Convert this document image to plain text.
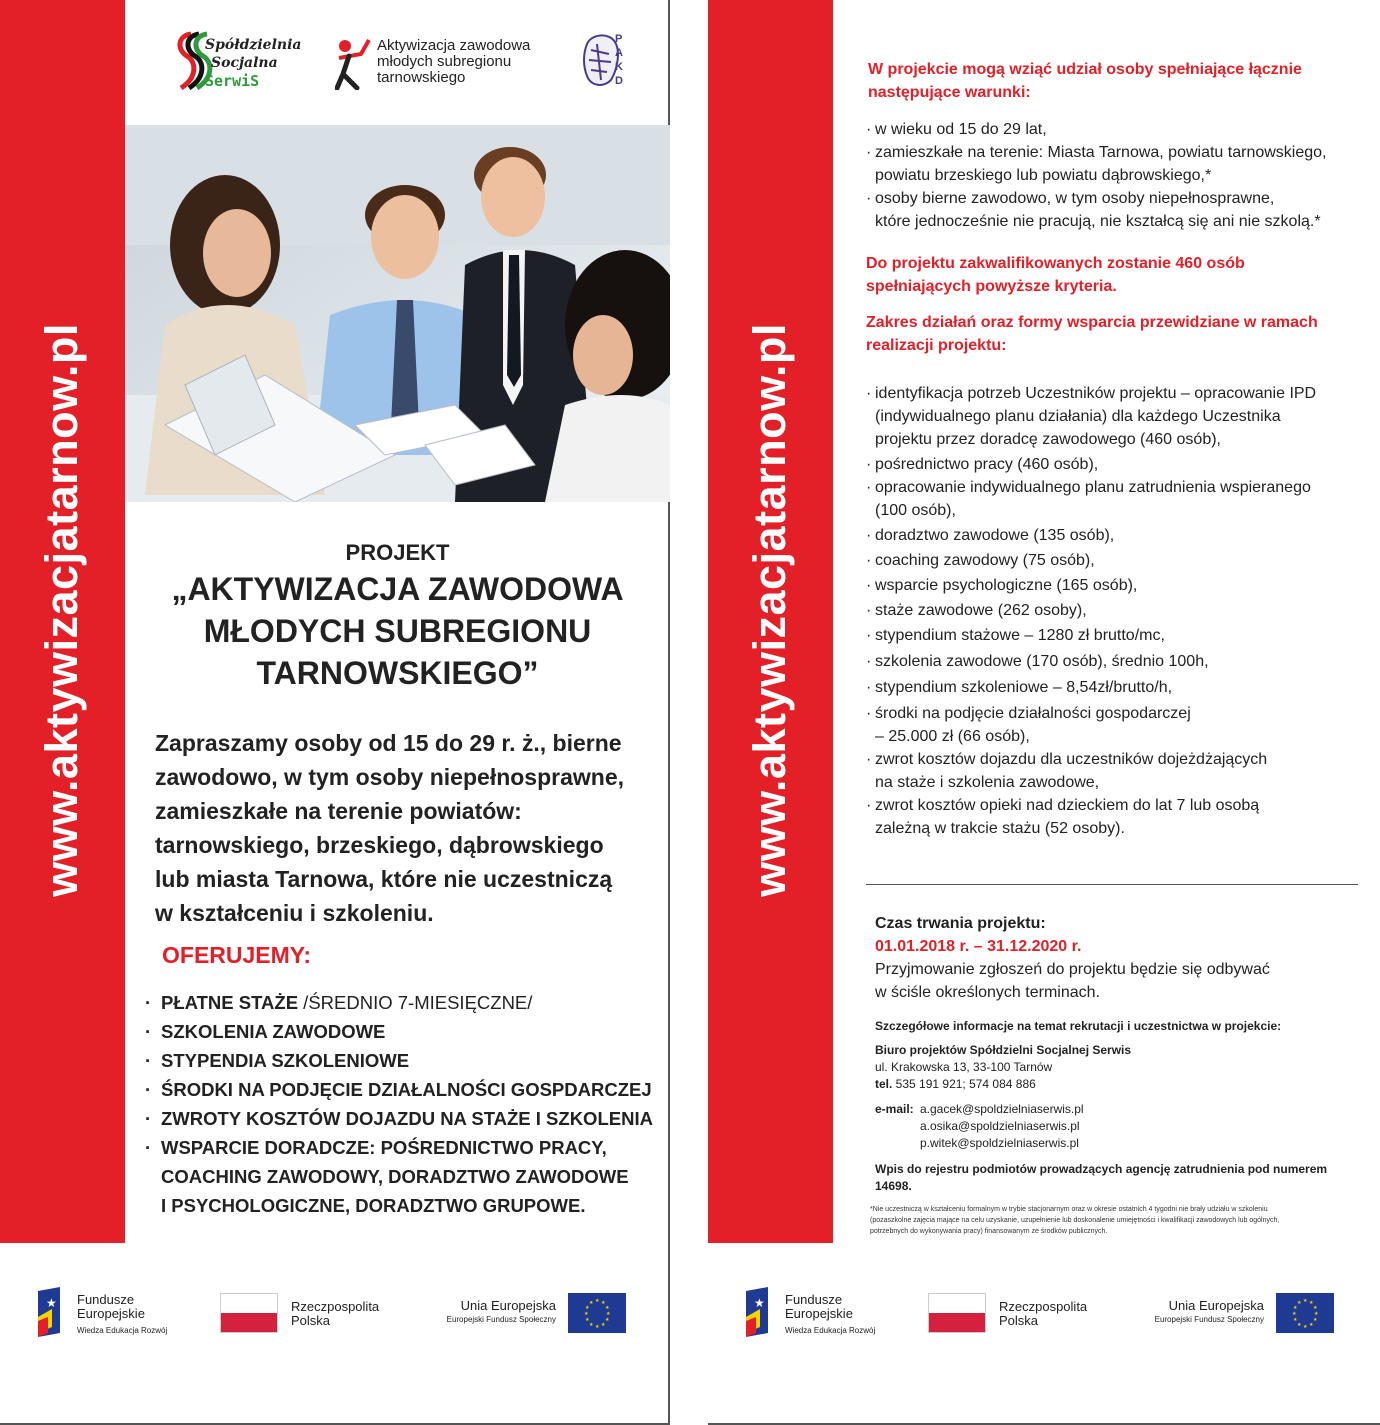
www.aktywizacjatarnow.pl
Spółdzielnia
Socjalna
SerwiS
Aktywizacja zawodowa
młodych subregionu
tarnowskiego
P
A
K
D
PROJEKT
„AKTYWIZACJA ZAWODOWA
MŁODYCH SUBREGIONU
TARNOWSKIEGO”
Zapraszamy osoby od 15 do 29 r. ż., bierne
zawodowo, w tym osoby niepełnosprawne,
zamieszkałe na terenie powiatów:
tarnowskiego, brzeskiego, dąbrowskiego
lub miasta Tarnowa, które nie uczestniczą
w kształceniu i szkoleniu.
OFERUJEMY:
· PŁATNE STAŻE /ŚREDNIO 7-MIESIĘCZNE/
· SZKOLENIA ZAWODOWE
· STYPENDIA SZKOLENIOWE
· ŚRODKI NA PODJĘCIE DZIAŁALNOŚCI GOSPDARCZEJ
· ZWROTY KOSZTÓW DOJAZDU NA STAŻE I SZKOLENIA
· WSPARCIE DORADCZE: POŚREDNICTWO PRACY,
COACHING ZAWODOWY, DORADZTWO ZAWODOWE
I PSYCHOLOGICZNE, DORADZTWO GRUPOWE.
★ Fundusze
Europejskie
Wiedza Edukacja Rozwój
Rzeczpospolita
Polska
Unia Europejska
Europejski Fundusz Społeczny
★ ★
★
★
★
★
★
★
★
★
★
★
www.aktywizacjatarnow.pl
W projekcie mogą wziąć udział osoby spełniające łącznie
następujące warunki:
· w wieku od 15 do 29 lat,
· zamieszkałe na terenie: Miasta Tarnowa, powiatu tarnowskiego,
powiatu brzeskiego lub powiatu dąbrowskiego,*
· osoby bierne zawodowo, w tym osoby niepełnosprawne,
które jednocześnie nie pracują, nie kształcą się ani nie szkolą.*
Do projektu zakwalifikowanych zostanie 460 osób
spełniających powyższe kryteria.
Zakres działań oraz formy wsparcia przewidziane w ramach
realizacji projektu:
· identyfikacja potrzeb Uczestników projektu – opracowanie IPD
(indywidualnego planu działania) dla każdego Uczestnika
projektu przez doradcę zawodowego (460 osób),
· pośrednictwo pracy (460 osób),
· opracowanie indywidualnego planu zatrudnienia wspieranego
(100 osób),
· doradztwo zawodowe (135 osób),
· coaching zawodowy (75 osób),
· wsparcie psychologiczne (165 osób),
· staże zawodowe (262 osoby),
· stypendium stażowe – 1280 zł brutto/mc,
· szkolenia zawodowe (170 osób), średnio 100h,
· stypendium szkoleniowe – 8,54zł/brutto/h,
· środki na podjęcie działalności gospodarczej
– 25.000 zł (66 osób),
· zwrot kosztów dojazdu dla uczestników dojeżdżających
na staże i szkolenia zawodowe,
· zwrot kosztów opieki nad dzieckiem do lat 7 lub osobą
zależną w trakcie stażu (52 osoby).
Czas trwania projektu:
01.01.2018 r. – 31.12.2020 r.
Przyjmowanie zgłoszeń do projektu będzie się odbywać
w ściśle określonych terminach.
Szczegółowe informacje na temat rekrutacji i uczestnictwa w projekcie:
Biuro projektów Spółdzielni Socjalnej Serwis
ul. Krakowska 13, 33-100 Tarnów
tel. 535 191 921; 574 084 886
e-mail: a.gacek@spoldzielniaserwis.pl
a.osika@spoldzielniaserwis.pl
p.witek@spoldzielniaserwis.pl
Wpis do rejestru podmiotów prowadzących agencję zatrudnienia pod numerem 14698.
*Nie uczestniczą w kształceniu formalnym w trybie stacjonarnym oraz w okresie ostatnich 4 tygodni nie brały udziału w szkoleniu
(pozaszkolne zajęcia mające na celu uzyskanie, uzupełnienie lub doskonalenie umiejętności i kwalifikacji zawodowych lub ogólnych,
potrzebnych do wykonywania pracy) finansowanym ze środków publicznych.
★ Fundusze
Europejskie
Wiedza Edukacja Rozwój
Rzeczpospolita
Polska
Unia Europejska
Europejski Fundusz Społeczny
★ ★
★
★
★
★
★
★
★
★
★
★
